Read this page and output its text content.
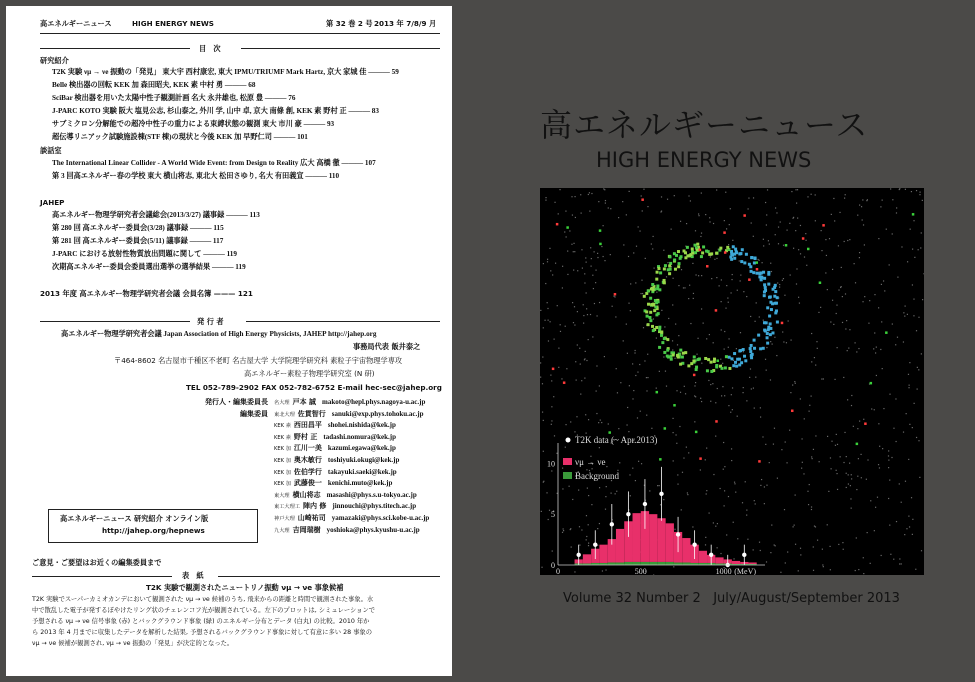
高エネルギーニュース	HIGH ENERGY NEWS	第 32 巻 2 号 2013 年 7/8/9 月
目　次
研究紹介
T2K 実験 νμ → νe 振動の「発見」 東大宇 西村康宏, 東大 IPMU/TRIUMF Mark Hartz, 京大 家城 佳 ——— 59
Belle 検出器の回転 KEK 加 森田昭夫, KEK 素 中村 勇 ——— 68
SciBar 検出器を用いた太陽中性子観測計画 名大 永井雄也, 松原 豊 ——— 76
J-PARC KOTO 実験 阪大 塩見公志, 杉山泰之, 外川 学, 山中 卓, 京大 南條 創, KEK 素 野村 正 ——— 83
サブミクロン分解能での超冷中性子の重力による束縛状態の観測 東大 市川 豪 ——— 93
超伝導リニアック試験施設棟(STF 棟)の現状と今後 KEK 加 早野仁司 ——— 101
談話室
The International Linear Collider - A World Wide Event: from Design to Reality 広大 高橋 徹 ——— 107
第 3 回高エネルギー春の学校 東大 横山将志, 東北大 松田さゆり, 名大 有田義宣 ——— 110
JAHEP
高エネルギー物理学研究者会議総会(2013/3/27) 議事録 ——— 113
第 280 回 高エネルギー委員会(3/28) 議事録 ——— 115
第 281 回 高エネルギー委員会(5/11) 議事録 ——— 117
J-PARC における放射性物質放出問題に関して ——— 119
次期高エネルギー委員会委員選出選挙の選挙結果 ——— 119
2013 年度 高エネルギー物理学研究者会議 会員名簿 ——— 121
発 行 者
高エネルギー物理学研究者会議 Japan Association of High Energy Physicists, JAHEP http://jahep.org
事務局代表 飯井泰之
〒464-8602 名古屋市千種区不老町 名古屋大学 大学院理学研究科 素粒子宇宙物理学専攻
高エネルギー素粒子物理学研究室 (N 研)
TEL 052-789-2902 FAX 052-782-6752 E-mail hec-sec@jahep.org
高エネルギーニュース 研究紹介 オンライン版
http://jahep.org/hepnews
ご意見・ご要望はお近くの編集委員まで
表　紙
T2K 実験で観測されたニュートリノ振動 νμ → νe 事象候補
T2K 実験でスーパーカミオカンデにおいて観測された νμ → νe 候補のうち, 飛来からの距離と時間で観測された事象。水
中で散乱した電子が発するぼやけたリング状のチェレンコフ光が観測されている。左下のプロットは, シミュレーションで
予想される νμ → νe 信号事象 (赤) とバックグラウンド事象 (緑) のエネルギー分布とデータ (白丸) の比較。2010 年か
ら 2013 年 4 月までに収集したデータを解析した結果, 予想されるバックグラウンド事象に対して有意に多い 28 事象の
νμ → νe 候補が観測され, νμ → νe 振動の「発見」が決定的となった。
発行人・編集委員長 名大理 戸本 誠 makoto@hepl.phys.nagoya-u.ac.jp
編集委員 東北大理 佐貫智行 sanuki@exp.phys.tohoku.ac.jp
KEK 素 西田昌平 shohei.nishida@kek.jp
KEK 素 野村 正 tadashi.nomura@kek.jp
KEK 加 江川一美 kazumi.egawa@kek.jp
KEK 加 奥木敏行 toshiyuki.okugi@kek.jp
KEK 加 佐伯学行 takayuki.saeki@kek.jp
KEK 加 武藤俊一 kenichi.muto@kek.jp
東大理 横山将志 masashi@phys.s.u-tokyo.ac.jp
東工大理工 陣内 修 jinnouchi@phys.titech.ac.jp
神戸大理 山崎祐司 yamazaki@phys.sci.kobe-u.ac.jp
九大理 吉岡瑞樹 yoshioka@phys.kyushu-u.ac.jp
高エネルギーニュース
HIGH ENERGY NEWS
0	500	1000
0
5
10
(MeV)
T2K data (~ Apr.2013)
νμ → νe
Background
Volume 32 Number 2 July/August/September 2013
